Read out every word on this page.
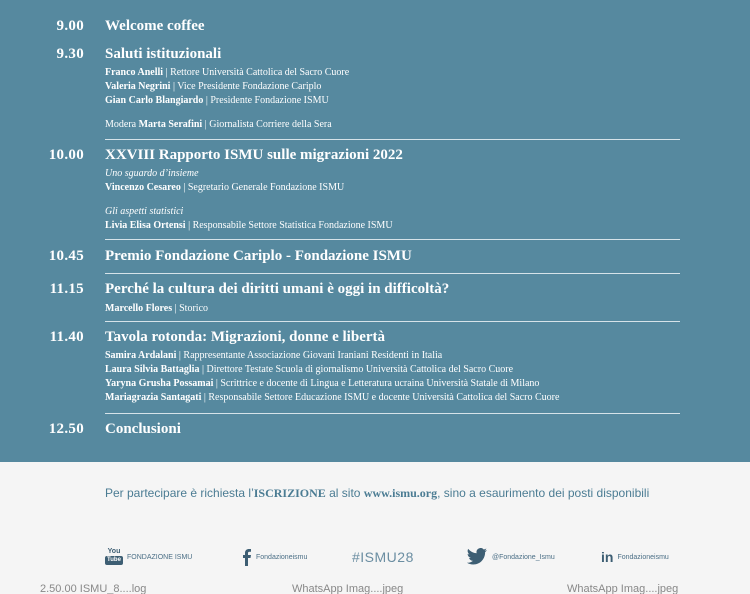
9.00 Welcome coffee
9.30 Saluti istituzionali
Franco Anelli | Rettore Università Cattolica del Sacro Cuore
Valeria Negrini | Vice Presidente Fondazione Cariplo
Gian Carlo Blangiardo | Presidente Fondazione ISMU
Modera Marta Serafini | Giornalista Corriere della Sera
10.00 XXVIII Rapporto ISMU sulle migrazioni 2022
Uno sguardo d’insieme
Vincenzo Cesareo | Segretario Generale Fondazione ISMU
Gli aspetti statistici
Livia Elisa Ortensi | Responsabile Settore Statistica Fondazione ISMU
10.45 Premio Fondazione Cariplo - Fondazione ISMU
11.15 Perché la cultura dei diritti umani è oggi in difficoltà?
Marcello Flores | Storico
11.40 Tavola rotonda: Migrazioni, donne e libertà
Samira Ardalani | Rappresentante Associazione Giovani Iraniani Residenti in Italia
Laura Silvia Battaglia | Direttore Testate Scuola di giornalismo Università Cattolica del Sacro Cuore
Yaryna Grusha Possamai | Scrittrice e docente di Lingua e Letteratura ucraina Università Statale di Milano
Mariagrazia Santagati | Responsabile Settore Educazione ISMU e docente Università Cattolica del Sacro Cuore
12.50 Conclusioni
Per partecipare è richiesta l’ISCRIZIONE al sito www.ismu.org, sino a esaurimento dei posti disponibili
You
Tube FONDAZIONE ISMU	Fondazioneismu	#ISMU28	@Fondazione_Ismu	in Fondazioneismu
2.50.00 ISMU_8....log	WhatsApp Imag....jpeg	WhatsApp Imag....jpeg
